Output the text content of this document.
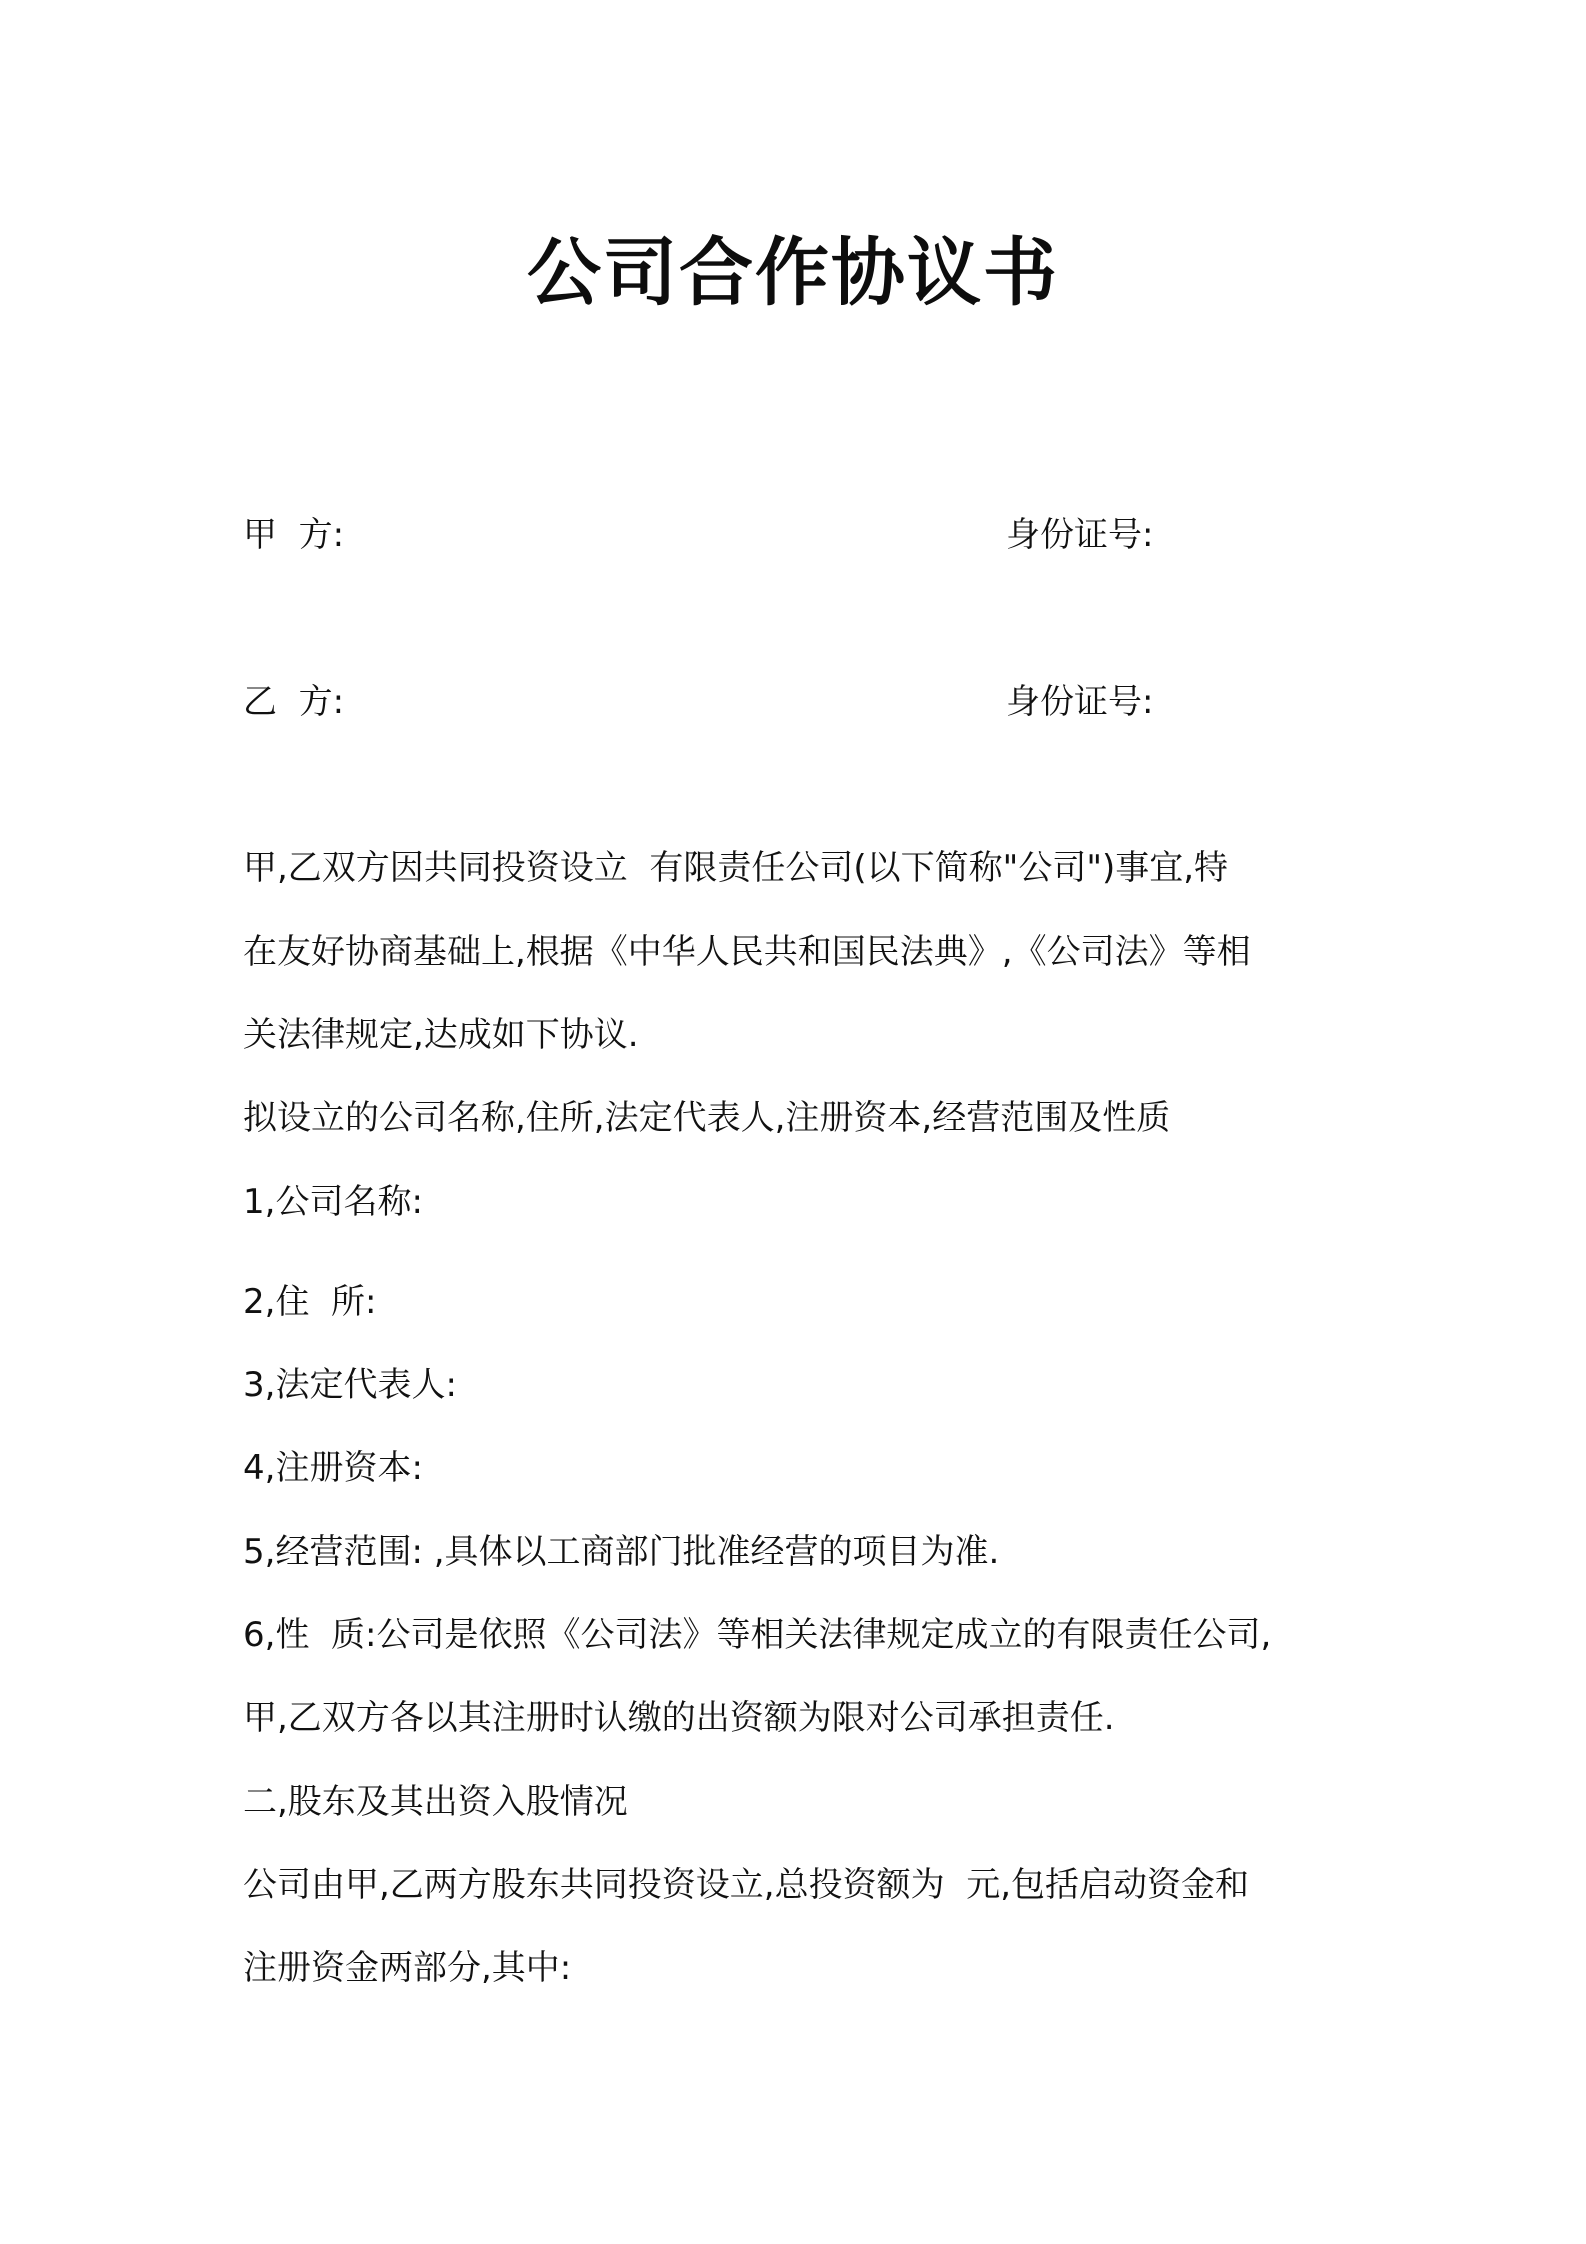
公司合作协议书
甲  方:	身份证号:
乙  方:	身份证号:
甲,乙双方因共同投资设立  有限责任公司(以下简称"公司")事宜,特
在友好协商基础上,根据《中华人民共和国民法典》,《公司法》等相
关法律规定,达成如下协议.
拟设立的公司名称,住所,法定代表人,注册资本,经营范围及性质
1,公司名称:
2,住  所:
3,法定代表人:
4,注册资本:
5,经营范围: ,具体以工商部门批准经营的项目为准.
6,性  质:公司是依照《公司法》等相关法律规定成立的有限责任公司,
甲,乙双方各以其注册时认缴的出资额为限对公司承担责任.
二,股东及其出资入股情况
公司由甲,乙两方股东共同投资设立,总投资额为  元,包括启动资金和
注册资金两部分,其中:
